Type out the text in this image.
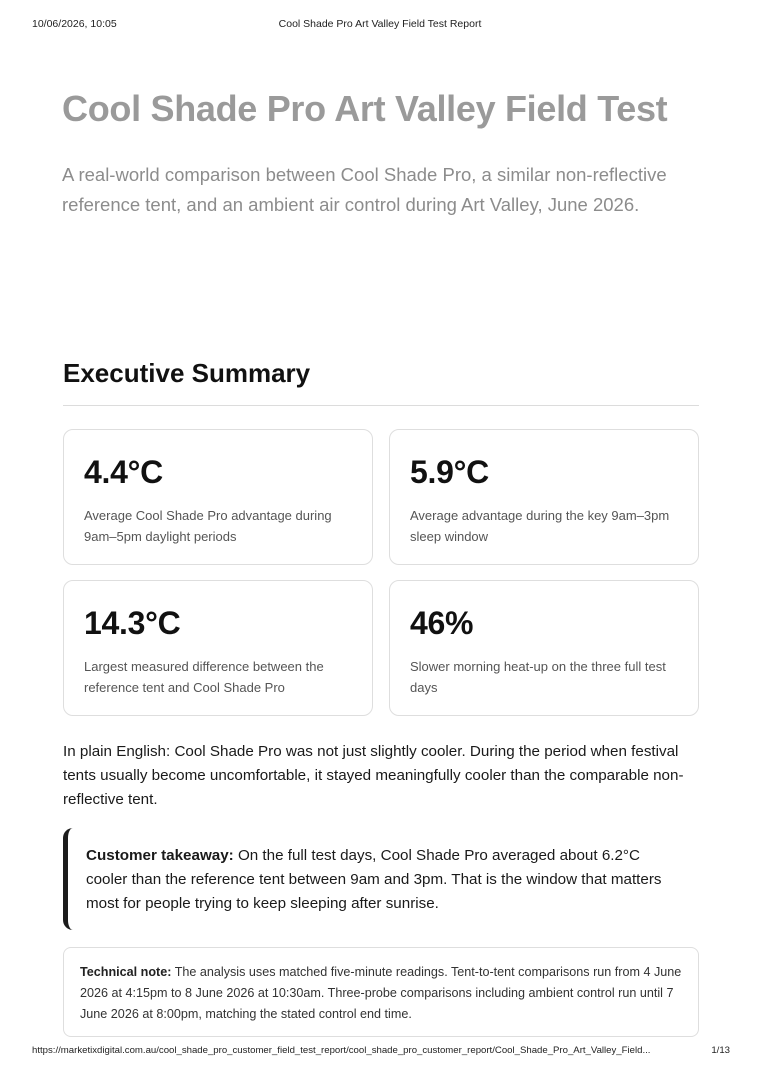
10/06/2026, 10:05	Cool Shade Pro Art Valley Field Test Report
Cool Shade Pro Art Valley Field Test

A real-world comparison between Cool Shade Pro, a similar non-reflective reference tent, and an ambient air control during Art Valley, June 2026.

Executive Summary
4.4°C
Average Cool Shade Pro advantage during 9am–5pm daylight periods
5.9°C
Average advantage during the key 9am–3pm sleep window
14.3°C
Largest measured difference between the reference tent and Cool Shade Pro
46%
Slower morning heat-up on the three full test days

In plain English: Cool Shade Pro was not just slightly cooler. During the period when festival tents usually become uncomfortable, it stayed meaningfully cooler than the comparable non-reflective tent.

Customer takeaway: On the full test days, Cool Shade Pro averaged about 6.2°C cooler than the reference tent between 9am and 3pm. That is the window that matters most for people trying to keep sleeping after sunrise.
Technical note: The analysis uses matched five-minute readings. Tent-to-tent comparisons run from 4 June 2026 at 4:15pm to 8 June 2026 at 10:30am. Three-probe comparisons including ambient control run until 7 June 2026 at 8:00pm, matching the stated control end time.
https://marketixdigital.com.au/cool_shade_pro_customer_field_test_report/cool_shade_pro_customer_report/Cool_Shade_Pro_Art_Valley_Field...	1/13
